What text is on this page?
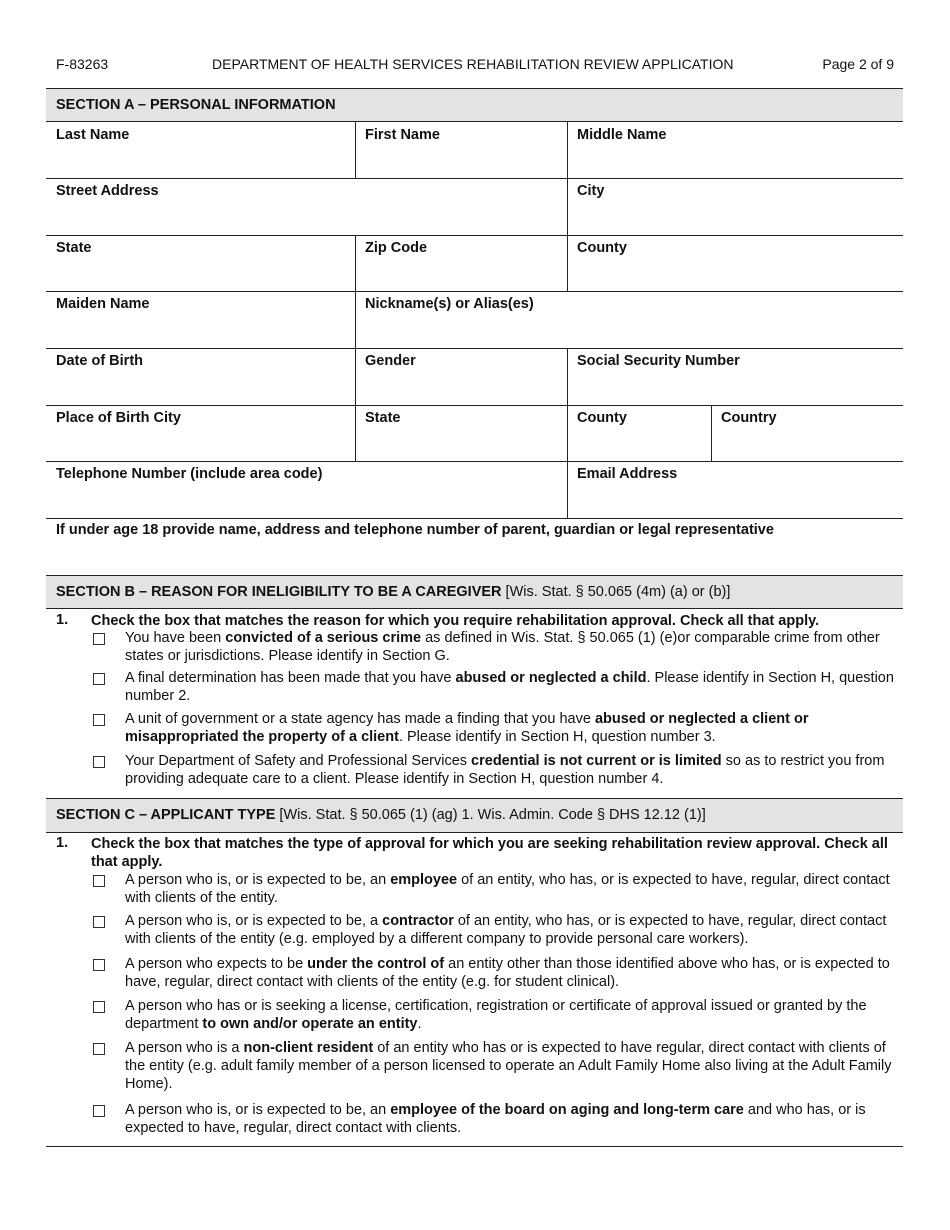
F-83263	DEPARTMENT OF HEALTH SERVICES REHABILITATION REVIEW APPLICATION	Page 2 of 9
SECTION A – PERSONAL INFORMATION
Last Name	First Name	Middle Name
Street Address	City
State	Zip Code	County
Maiden Name	Nickname(s) or Alias(es)
Date of Birth	Gender	Social Security Number
Place of Birth City	State	County	Country
Telephone Number (include area code)	Email Address
If under age 18 provide name, address and telephone number of parent, guardian or legal representative
SECTION B – REASON FOR INELIGIBILITY TO BE A CAREGIVER [Wis. Stat. § 50.065 (4m) (a) or (b)]
1. Check the box that matches the reason for which you require rehabilitation approval. Check all that apply.
You have been convicted of a serious crime as defined in Wis. Stat. § 50.065 (1) (e)or comparable crime from other states or jurisdictions. Please identify in Section G.
A final determination has been made that you have abused or neglected a child. Please identify in Section H, question number 2.
A unit of government or a state agency has made a finding that you have abused or neglected a client or misappropriated the property of a client. Please identify in Section H, question number 3.
Your Department of Safety and Professional Services credential is not current or is limited so as to restrict you from providing adequate care to a client. Please identify in Section H, question number 4.
SECTION C – APPLICANT TYPE [Wis. Stat. § 50.065 (1) (ag) 1. Wis. Admin. Code § DHS 12.12 (1)]
1. Check the box that matches the type of approval for which you are seeking rehabilitation review approval. Check all that apply.
A person who is, or is expected to be, an employee of an entity, who has, or is expected to have, regular, direct contact with clients of the entity.
A person who is, or is expected to be, a contractor of an entity, who has, or is expected to have, regular, direct contact with clients of the entity (e.g. employed by a different company to provide personal care workers).
A person who expects to be under the control of an entity other than those identified above who has, or is expected to have, regular, direct contact with clients of the entity (e.g. for student clinical).
A person who has or is seeking a license, certification, registration or certificate of approval issued or granted by the department to own and/or operate an entity.
A person who is a non-client resident of an entity who has or is expected to have regular, direct contact with clients of the entity (e.g. adult family member of a person licensed to operate an Adult Family Home also living at the Adult Family Home).
A person who is, or is expected to be, an employee of the board on aging and long-term care and who has, or is expected to have, regular, direct contact with clients.
